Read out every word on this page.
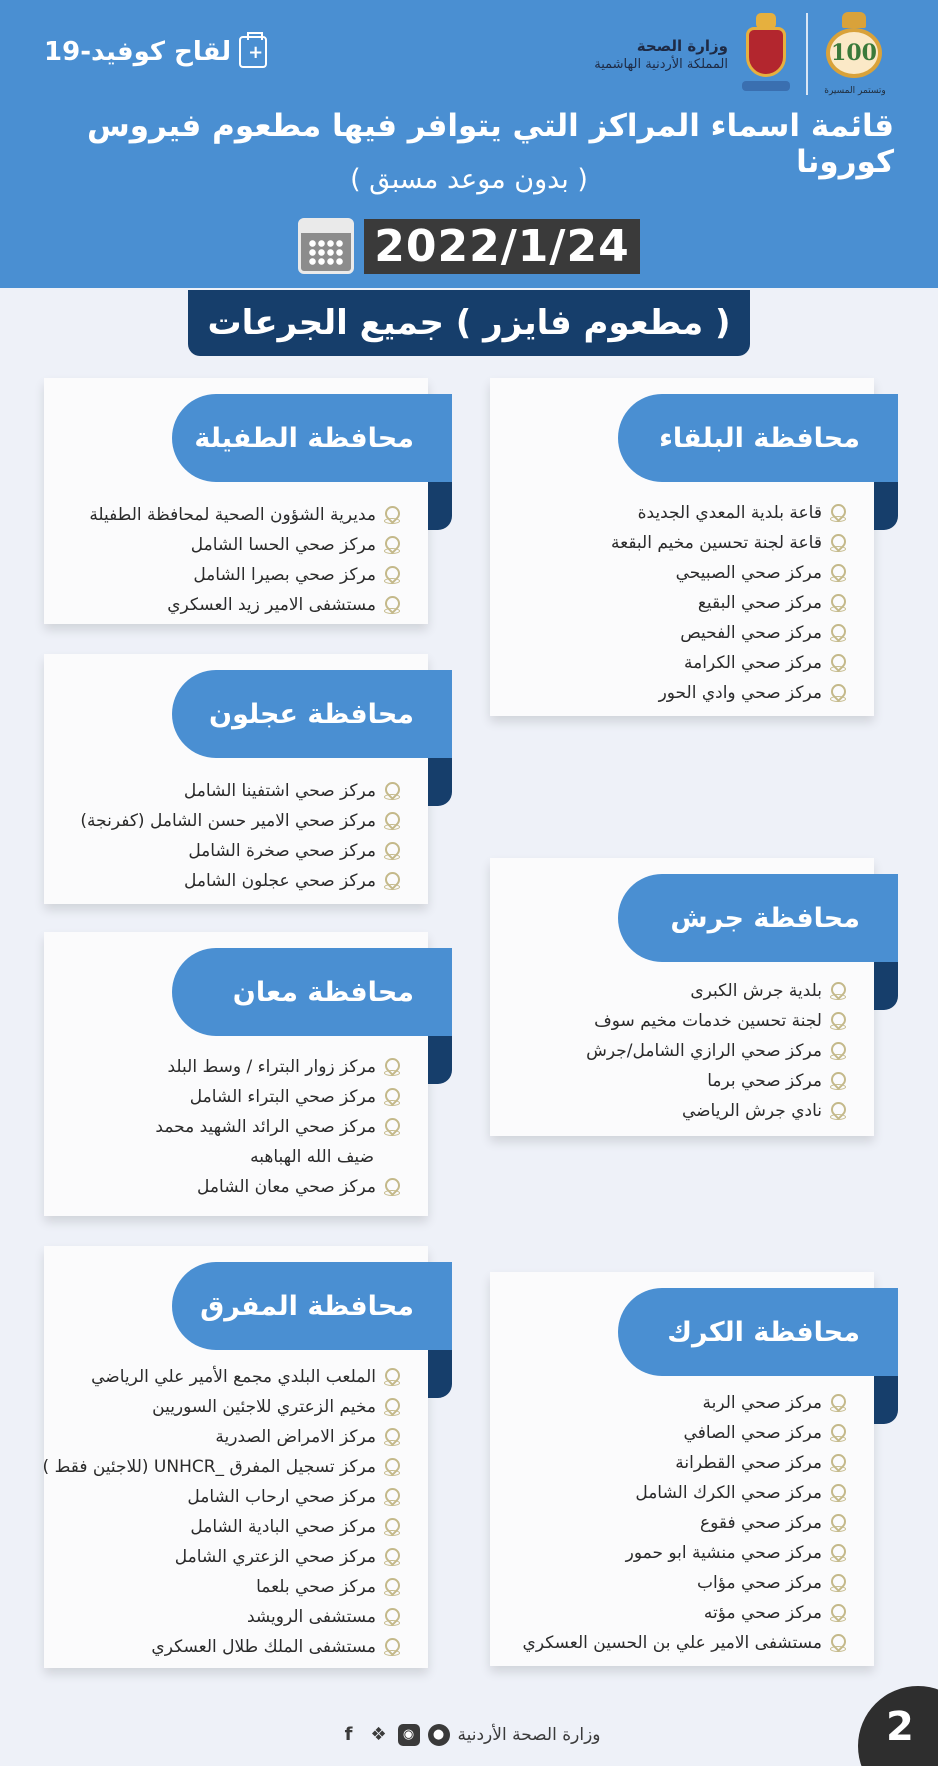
100
وتستمر المسيرة
وزارة الصحة
المملكة الأردنية الهاشمية
+
لقاح كوفيد-19
قائمة اسماء المراكز التي يتوافر فيها مطعوم فيروس كورونا
( بدون موعد مسبق )
2022/1/24
( مطعوم فايزر ) جميع الجرعات
محافظة البلقاء
قاعة بلدية المعدي الجديدة
قاعة لجنة تحسين مخيم البقعة
مركز صحي الصبيحي
مركز صحي البقيع
مركز صحي الفحيص
مركز صحي الكرامة
مركز صحي وادي الحور
محافظة الطفيلة
مديرية الشؤون الصحية لمحافظة الطفيلة
مركز صحي الحسا الشامل
مركز صحي بصيرا الشامل
مستشفى الامير زيد العسكري
محافظة عجلون
مركز صحي اشتفينا الشامل
مركز صحي الامير حسن الشامل (كفرنجة)
مركز صحي صخرة الشامل
مركز صحي عجلون الشامل
محافظة جرش
بلدية جرش الكبرى
لجنة تحسين خدمات مخيم سوف
مركز صحي الرازي الشامل/جرش
مركز صحي برما
نادي جرش الرياضي
محافظة معان
مركز زوار البتراء / وسط البلد
مركز صحي البتراء الشامل
مركز صحي الرائد الشهيد محمد
ضيف الله الهباهبه
مركز صحي معان الشامل
محافظة المفرق
الملعب البلدي مجمع الأمير علي الرياضي
مخيم الزعتري للاجئين السوريين
مركز الامراض الصدرية
مركز تسجيل المفرق _UNHCR (للاجئين فقط )
مركز صحي ارحاب الشامل
مركز صحي البادية الشامل
مركز صحي الزعتري الشامل
مركز صحي بلعما
مستشفى الرويشد
مستشفى الملك طلال العسكري
محافظة الكرك
مركز صحي الربة
مركز صحي الصافي
مركز صحي القطرانة
مركز صحي الكرك الشامل
مركز صحي فقوع
مركز صحي منشية ابو حمور
مركز صحي مؤاب
مركز صحي مؤته
مستشفى الامير علي بن الحسين العسكري
وزارة الصحة الأردنية
●
◉
❖
f	2
